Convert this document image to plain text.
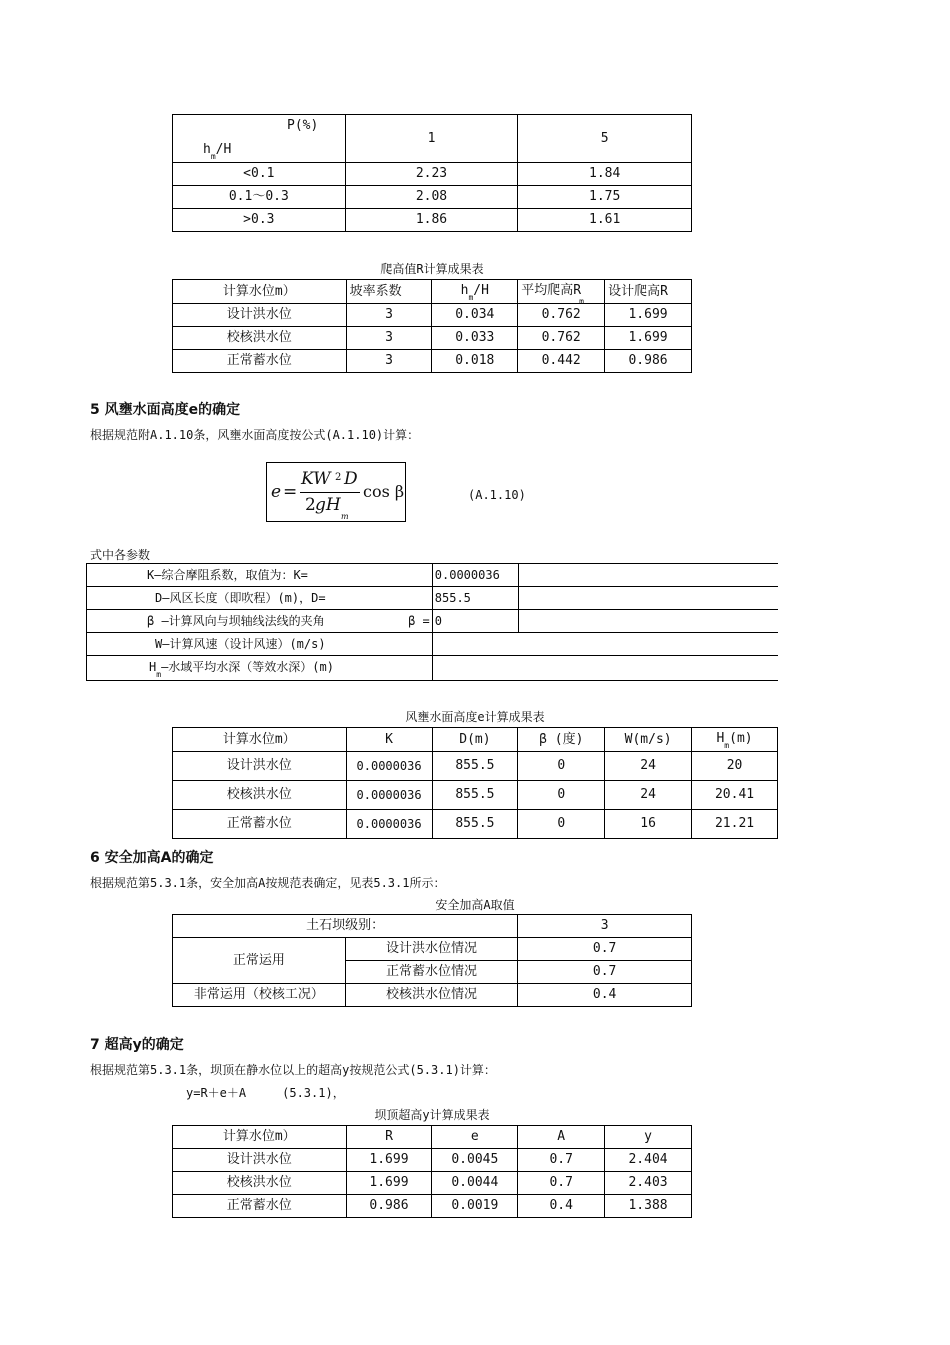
P(%)
$h_m/H$	1	5
<0.1	2.23	1.84
0.1～0.3	2.08	1.75
>0.3	1.86	1.61
爬高值R计算成果表
计算水位m）	坡率系数	$h_m/H$	平均爬高$R_m$	设计爬高R
设计洪水位	3	0.034	0.762	1.699
校核洪水位	3	0.033	0.762	1.699
正常蓄水位	3	0.018	0.442	0.986
5 风壅水面高度e的确定
根据规范附A.1.10条，风壅水面高度按公式(A.1.10)计算：
e =
KW 2 D
2 gH
m
cos β 　　　　　(A.1.10)
式中各参数
K—综合摩阻系数，取值为：K=	0.0000036	
D—风区长度（即吹程）(m)，D=	855.5	
β —计算风向与坝轴线法线的夹角 β =	0	
W—计算风速（设计风速）(m/s)		
$H_m—$水域平均水深（等效水深）(m)		
风壅水面高度e计算成果表
计算水位m）	K	D(m)	β (度)	W(m/s)	$H_m(m)$
设计洪水位	0.0000036	855.5	0	24	20
校核洪水位	0.0000036	855.5	0	24	20.41
正常蓄水位	0.0000036	855.5	0	16	21.21
6 安全加高A的确定
根据规范第5.3.1条，安全加高A按规范表确定，见表5.3.1所示：
安全加高A取值
土石坝级别：		3
正常运用	设计洪水位情况	0.7
	正常蓄水位情况	0.7
非常运用（校核工况）	校核洪水位情况	0.4
7 超高y的确定
根据规范第5.3.1条，坝顶在静水位以上的超高y按规范公式(5.3.1)计算：
　　　　　　　　y=R＋e＋A　　　(5.3.1)，
坝顶超高y计算成果表
计算水位m）	R	e	A	y
设计洪水位	1.699	0.0045	0.7	2.404
校核洪水位	1.699	0.0044	0.7	2.403
正常蓄水位	0.986	0.0019	0.4	1.388
